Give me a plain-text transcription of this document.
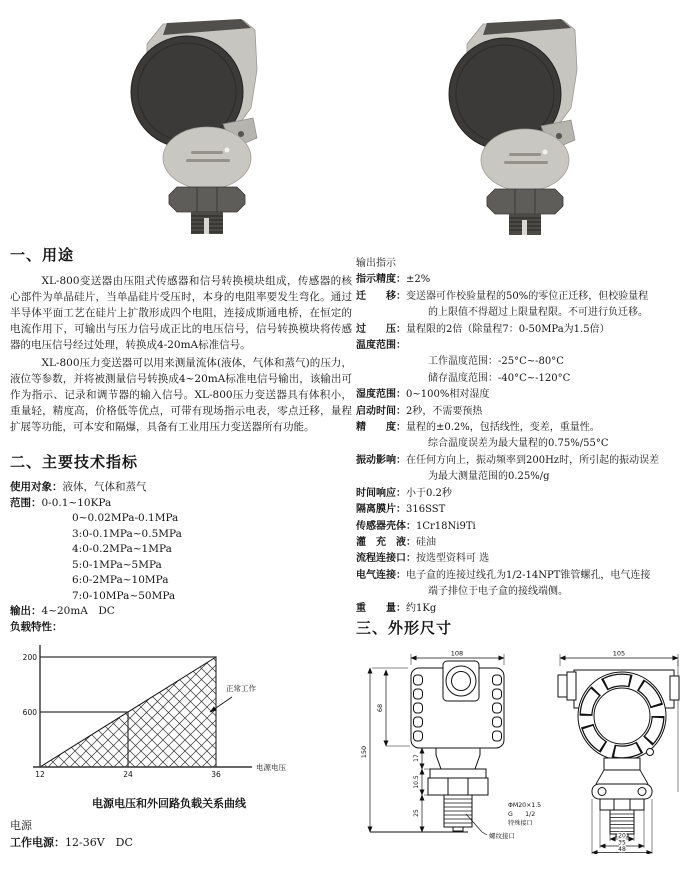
一、用途

XL-800变送器由压阻式传感器和信号转换模块组成，传感器的核心部件为单晶硅片，当单晶硅片受压时，本身的电阻率要发生弯化。通过半导体平面工艺在硅片上扩散形成四个电阻，连接成斯通电桥，在恒定的电流作用下，可输出与压力信号成正比的电压信号，信号转换模块将传感器的电压信号经过处理，转换成4-20mA标准信号。

XL-800压力变送器可以用来测量流体(液体，气体和蒸气)的压力，液位等参数，并将被测量信号转换成4~20mA标准电信号输出，该输出可作为指示、记录和调节器的输入信号。XL-800压力变送器具有体积小，重量轻，精度高，价格低等优点，可带有现场指示电表，零点迁移，量程扩展等功能，可本安和隔爆，具备有工业用压力变送器所有功能。

二、主要技术指标
使用对象：液体，气体和蒸气
范围：0-0.1~10KPa
0~0.02MPa-0.1MPa
3:0-0.1MPa~0.5MPa
4:0-0.2MPa~1MPa
5:0-1MPa~5MPa
6:0-2MPa~10MPa
7:0-10MPa~50MPa
输出：4~20mA　DC
负载特性：
200
600
12	24	36
电源电压
正常工作
电源电压和外回路负载关系曲线
电源
工作电源：12-36V　DC
输出指示
指示精度：±2%
迁　　移：变送器可作校验量程的50%的零位正迁移，但校验量程
的上限值不得超过上限量程限。不可进行负迁移。
过　　压：量程限的2倍（除量程7：0-50MPa为1.5倍）
温度范围：
工作温度范围：-25°C~-80°C
储存温度范围：-40°C~-120°C
湿度范围：0~100%相对湿度
启动时间：2秒，不需要预热
精　　度：量程的±0.2%，包括线性，变差，重量性。
综合温度误差为最大量程的0.75%/55°C
振动影响：在任何方向上，振动频率到200Hz时，所引起的振动误差
为最大测量范围的0.25%/g
时间响应：小于0.2秒
隔离膜片：316SST
传感器壳体：1Cr18Ni9Ti
灌　充　液：硅油
流程连接口：按选型资料可 选
电气连接：电子盒的连接过线孔为1/2-14NPT锥管螺孔，电气连接
端子排位于电子盒的接线端侧。
重　　量：约1Kg
三、外形尺寸
108
150
68
17
10.5
25
螺纹接口
ΦM20×1.5
G　　1/2
特殊接口
105
20
35
48
